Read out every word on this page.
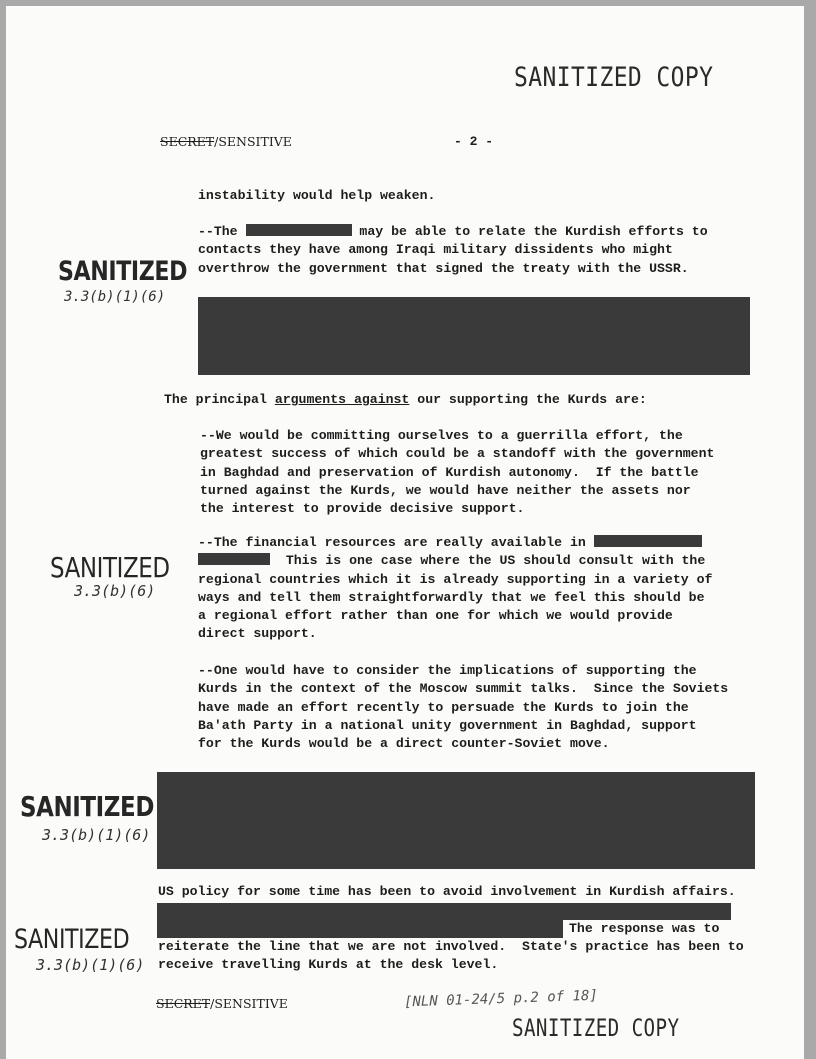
SANITIZED COPY
SECRET/SENSITIVE	- 2 -
instability would help weaken.
--The	may be able to relate the Kurdish efforts to
contacts they have among Iraqi military dissidents who might
overthrow the government that signed the treaty with the USSR.
The principal arguments against our supporting the Kurds are:
--We would be committing ourselves to a guerrilla effort, the
greatest success of which could be a standoff with the government
in Baghdad and preservation of Kurdish autonomy.  If the battle
turned against the Kurds, we would have neither the assets nor
the interest to provide decisive support.
--The financial resources are really available in
This is one case where the US should consult with the
regional countries which it is already supporting in a variety of
ways and tell them straightforwardly that we feel this should be
a regional effort rather than one for which we would provide
direct support.
--One would have to consider the implications of supporting the
Kurds in the context of the Moscow summit talks.  Since the Soviets
have made an effort recently to persuade the Kurds to join the
Ba'ath Party in a national unity government in Baghdad, support
for the Kurds would be a direct counter-Soviet move.
US policy for some time has been to avoid involvement in Kurdish affairs.
The response was to
reiterate the line that we are not involved.  State's practice has been to
receive travelling Kurds at the desk level.
SECRET/SENSITIVE	[NLN 01-24/5 p.2 of 18]
SANITIZED COPY
SANITIZED
3.3(b)(1)(6)
SANITIZED
3.3(b)(6)
SANITIZED
3.3(b)(1)(6)
SANITIZED
3.3(b)(1)(6)
